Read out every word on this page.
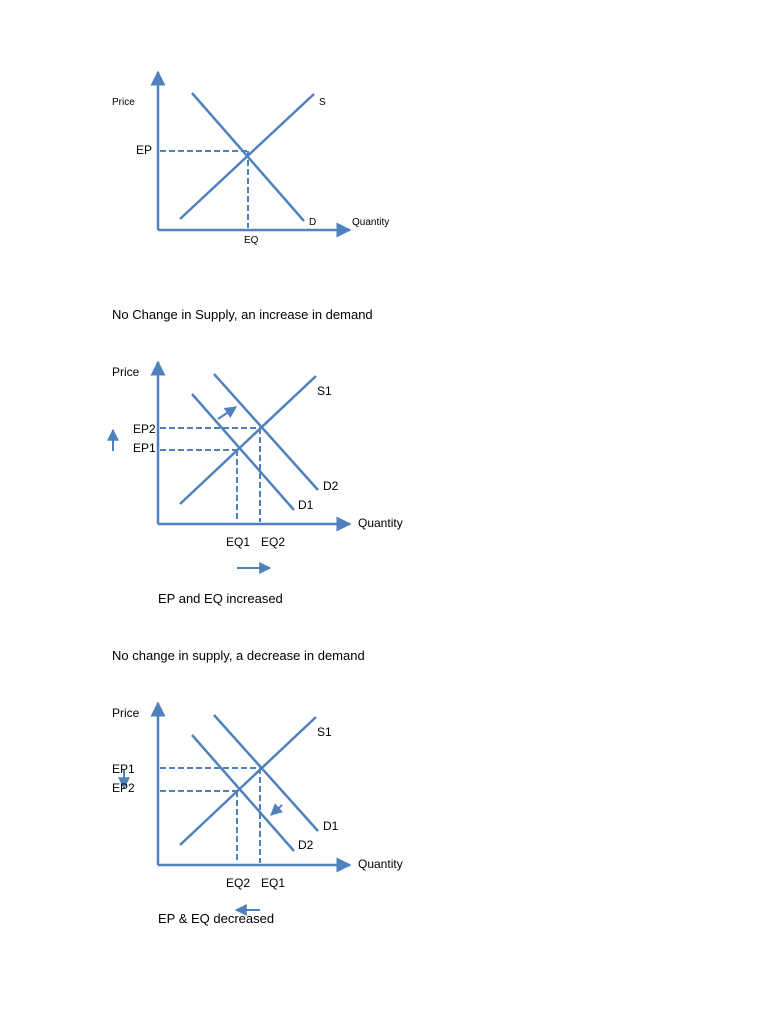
Price
EP
S
D	Quantity
EQ
No Change in Supply, an increase in demand
Price
EP2
EP1
S1
D2
D1
Quantity
EQ1 EQ2
EP and EQ increased
No change in supply, a decrease in demand
Price
EP1
EP2
S1
D1
D2
Quantity
EQ2 EQ1
EP & EQ decreased
